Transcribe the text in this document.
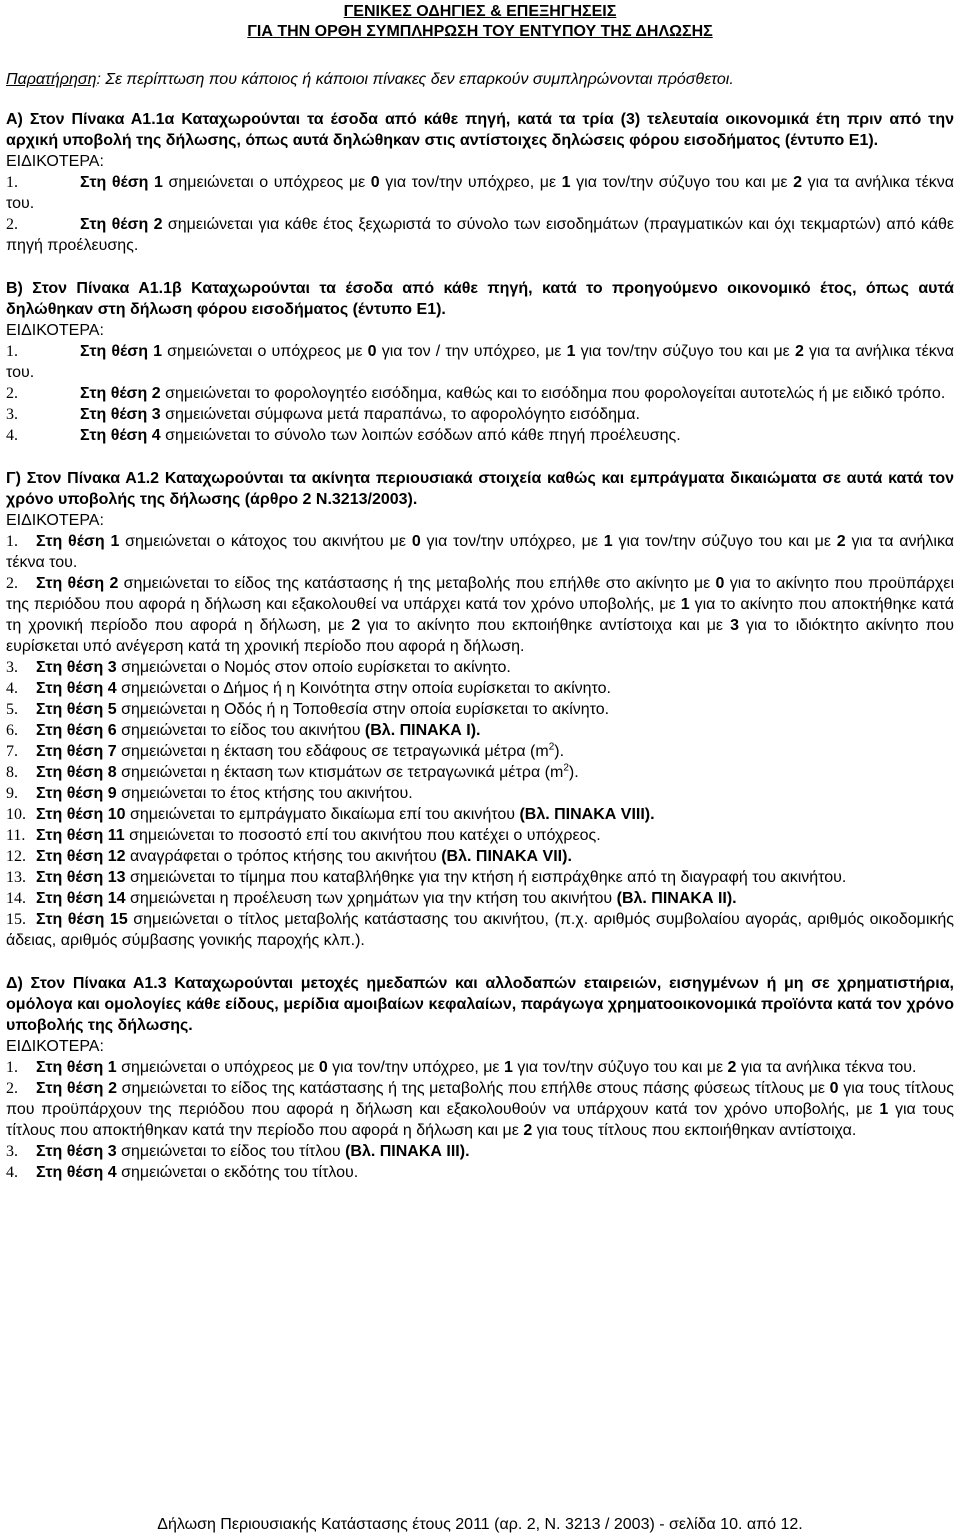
ΓΕΝΙΚΕΣ ΟΔΗΓΙΕΣ & ΕΠΕΞΗΓΗΣΕΙΣ
ΓΙΑ ΤΗΝ ΟΡΘΗ ΣΥΜΠΛΗΡΩΣΗ ΤΟΥ ΕΝΤΥΠΟΥ ΤΗΣ ΔΗΛΩΣΗΣ
Παρατήρηση: Σε περίπτωση που κάποιος ή κάποιοι πίνακες δεν επαρκούν συμπληρώνονται πρόσθετοι.

Α) Στον Πίνακα Α1.1α Καταχωρούνται τα έσοδα από κάθε πηγή, κατά τα τρία (3) τελευταία οικονομικά έτη πριν από την αρχική υποβολή της δήλωσης, όπως αυτά δηλώθηκαν στις αντίστοιχες δηλώσεις φόρου εισοδήματος (έντυπο Ε1).

ΕΙΔΙΚΟΤΕΡΑ:

1.	Στη θέση 1 σημειώνεται ο υπόχρεος με 0 για τον/την υπόχρεο, με 1 για τον/την σύζυγο του και με 2 για τα ανήλικα τέκνα του.

2.	Στη θέση 2 σημειώνεται για κάθε έτος ξεχωριστά το σύνολο των εισοδημάτων (πραγματικών και όχι τεκμαρτών) από κάθε πηγή προέλευσης.

Β) Στον Πίνακα Α1.1β Καταχωρούνται τα έσοδα από κάθε πηγή, κατά το προηγούμενο οικονομικό έτος, όπως αυτά δηλώθηκαν στη δήλωση φόρου εισοδήματος (έντυπο Ε1).

ΕΙΔΙΚΟΤΕΡΑ:

1.	Στη θέση 1 σημειώνεται ο υπόχρεος με 0 για τον / την υπόχρεο, με 1 για τον/την σύζυγο του και με 2 για τα ανήλικα τέκνα του.

2.	Στη θέση 2 σημειώνεται το φορολογητέο εισόδημα, καθώς και το εισόδημα που φορολογείται αυτοτελώς ή με ειδικό τρόπο.

3.	Στη θέση 3 σημειώνεται σύμφωνα μετά παραπάνω, το αφορολόγητο εισόδημα.

4.	Στη θέση 4 σημειώνεται το σύνολο των λοιπών εσόδων από κάθε πηγή προέλευσης.

Γ) Στον Πίνακα Α1.2 Καταχωρούνται τα ακίνητα περιουσιακά στοιχεία καθώς και εμπράγματα δικαιώματα σε αυτά κατά τον χρόνο υποβολής της δήλωσης (άρθρο 2 Ν.3213/2003).

ΕΙΔΙΚΟΤΕΡΑ:

1. Στη θέση 1 σημειώνεται ο κάτοχος του ακινήτου με 0 για τον/την υπόχρεο, με 1 για τον/την σύζυγο του και με 2 για τα ανήλικα τέκνα του.

2. Στη θέση 2 σημειώνεται το είδος της κατάστασης ή της μεταβολής που επήλθε στο ακίνητο με 0 για το ακίνητο που προϋπάρχει της περιόδου που αφορά η δήλωση και εξακολουθεί να υπάρχει κατά τον χρόνο υποβολής, με 1 για το ακίνητο που αποκτήθηκε κατά τη χρονική περίοδο που αφορά η δήλωση, με 2 για το ακίνητο που εκποιήθηκε αντίστοιχα και με 3 για το ιδιόκτητο ακίνητο που ευρίσκεται υπό ανέγερση κατά τη χρονική περίοδο που αφορά η δήλωση.

3. Στη θέση 3 σημειώνεται ο Νομός στον οποίο ευρίσκεται το ακίνητο.

4. Στη θέση 4 σημειώνεται ο Δήμος ή η Κοινότητα στην οποία ευρίσκεται το ακίνητο.

5. Στη θέση 5 σημειώνεται η Οδός ή η Τοποθεσία στην οποία ευρίσκεται το ακίνητο.

6. Στη θέση 6 σημειώνεται το είδος του ακινήτου (Βλ. ΠΙΝΑΚΑ Ι).

7. Στη θέση 7 σημειώνεται η έκταση του εδάφους σε τετραγωνικά μέτρα $(m^2)$.

8. Στη θέση 8 σημειώνεται η έκταση των κτισμάτων σε τετραγωνικά μέτρα $(m^2)$.

9. Στη θέση 9 σημειώνεται το έτος κτήσης του ακινήτου.

10. Στη θέση 10 σημειώνεται το εμπράγματο δικαίωμα επί του ακινήτου (Βλ. ΠΙΝΑΚΑ VIII).

11. Στη θέση 11 σημειώνεται το ποσοστό επί του ακινήτου που κατέχει ο υπόχρεος.

12. Στη θέση 12 αναγράφεται ο τρόπος κτήσης του ακινήτου (Βλ. ΠΙΝΑΚΑ VII).

13. Στη θέση 13 σημειώνεται το τίμημα που καταβλήθηκε για την κτήση ή εισπράχθηκε από τη διαγραφή του ακινήτου.

14. Στη θέση 14 σημειώνεται η προέλευση των χρημάτων για την κτήση του ακινήτου (Βλ. ΠΙΝΑΚΑ ΙΙ).

15. Στη θέση 15 σημειώνεται ο τίτλος μεταβολής κατάστασης του ακινήτου, (π.χ. αριθμός συμβολαίου αγοράς, αριθμός οικοδομικής άδειας, αριθμός σύμβασης γονικής παροχής κλπ.).

Δ) Στον Πίνακα Α1.3 Καταχωρούνται μετοχές ημεδαπών και αλλοδαπών εταιρειών, εισηγμένων ή μη σε χρηματιστήρια, ομόλογα και ομολογίες κάθε είδους, μερίδια αμοιβαίων κεφαλαίων, παράγωγα χρηματοοικονομικά προϊόντα κατά τον χρόνο υποβολής της δήλωσης.

ΕΙΔΙΚΟΤΕΡΑ:

1. Στη θέση 1 σημειώνεται ο υπόχρεος με 0 για τον/την υπόχρεο, με 1 για τον/την σύζυγο του και με 2 για τα ανήλικα τέκνα του.

2. Στη θέση 2 σημειώνεται το είδος της κατάστασης ή της μεταβολής που επήλθε στους πάσης φύσεως τίτλους με 0 για τους τίτλους που προϋπάρχουν της περιόδου που αφορά η δήλωση και εξακολουθούν να υπάρχουν κατά τον χρόνο υποβολής, με 1 για τους τίτλους που αποκτήθηκαν κατά την περίοδο που αφορά η δήλωση και με 2 για τους τίτλους που εκποιήθηκαν αντίστοιχα.

3. Στη θέση 3 σημειώνεται το είδος του τίτλου (Βλ. ΠΙΝΑΚΑ ΙΙΙ).

4. Στη θέση 4 σημειώνεται ο εκδότης του τίτλου.

Δήλωση Περιουσιακής Κατάστασης έτους 2011 (αρ. 2, Ν. 3213 / 2003) - σελίδα 10. από 12.
